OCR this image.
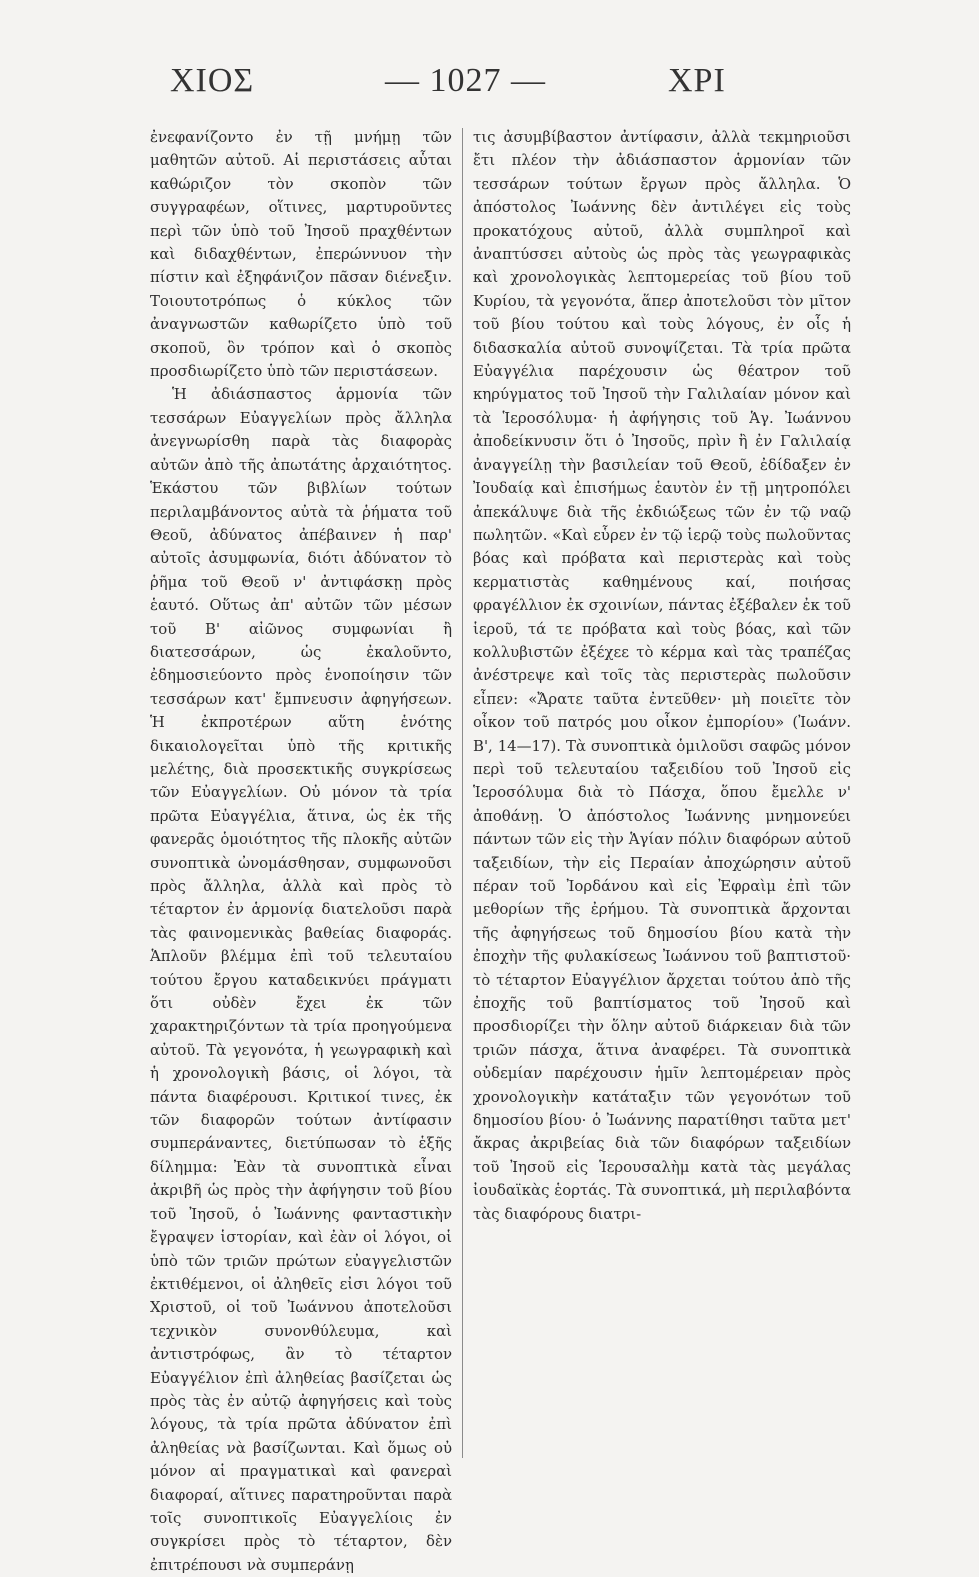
ΧΙΟΣ	— 1027 —	ΧΡΙ

ἐνεφανίζοντο ἐν τῇ μνήμῃ τῶν μαθητῶν αὐτοῦ. Αἱ περιστάσεις αὗται καθώριζον τὸν σκοπὸν τῶν συγγραφέων, οἵτινες, μαρτυροῦντες περὶ τῶν ὑπὸ τοῦ Ἰησοῦ πραχθέντων καὶ διδαχθέντων, ἐπερώννυον τὴν πίστιν καὶ ἐξηφάνιζον πᾶσαν διένεξιν. Τοιουτοτρόπως ὁ κύκλος τῶν ἀναγνωστῶν καθωρίζετο ὑπὸ τοῦ σκοποῦ, ὃν τρόπον καὶ ὁ σκοπὸς προσδιωρίζετο ὑπὸ τῶν περιστάσεων.

Ἡ ἀδιάσπαστος ἁρμονία τῶν τεσσάρων Εὐαγγελίων πρὸς ἄλληλα ἀνεγνωρίσθη παρὰ τὰς διαφορὰς αὐτῶν ἀπὸ τῆς ἀπωτάτης ἀρχαιότητος. Ἑκάστου τῶν βιβλίων τούτων περιλαμβάνοντος αὐτὰ τὰ ῥήματα τοῦ Θεοῦ, ἀδύνατος ἀπέβαινεν ἡ παρ' αὐτοῖς ἀσυμφωνία, διότι ἀδύνατον τὸ ῥῆμα τοῦ Θεοῦ ν' ἀντιφάσκῃ πρὸς ἑαυτό. Οὕτως ἀπ' αὐτῶν τῶν μέσων τοῦ Β' αἰῶνος συμφωνίαι ἢ διατεσσάρων, ὡς ἐκαλοῦντο, ἐδημοσιεύοντο πρὸς ἑνοποίησιν τῶν τεσσάρων κατ' ἔμπνευσιν ἀφηγήσεων. Ἡ ἐκπροτέρων αὕτη ἑνότης δικαιολογεῖται ὑπὸ τῆς κριτικῆς μελέτης, διὰ προσεκτικῆς συγκρίσεως τῶν Εὐαγγελίων. Οὐ μόνον τὰ τρία πρῶτα Εὐαγγέλια, ἅτινα, ὡς ἐκ τῆς φανερᾶς ὁμοιότητος τῆς πλοκῆς αὐτῶν συνοπτικὰ ὠνομάσθησαν, συμφωνοῦσι πρὸς ἄλληλα, ἀλλὰ καὶ πρὸς τὸ τέταρτον ἐν ἁρμονίᾳ διατελοῦσι παρὰ τὰς φαινομενικὰς βαθείας διαφοράς. Ἁπλοῦν βλέμμα ἐπὶ τοῦ τελευταίου τούτου ἔργου καταδεικνύει πράγματι ὅτι οὐδὲν ἔχει ἐκ τῶν χαρακτηριζόντων τὰ τρία προηγούμενα αὐτοῦ. Τὰ γεγονότα, ἡ γεωγραφικὴ καὶ ἡ χρονολογικὴ βάσις, οἱ λόγοι, τὰ πάντα διαφέρουσι. Κριτικοί τινες, ἐκ τῶν διαφορῶν τούτων ἀντίφασιν συμπεράναντες, διετύπωσαν τὸ ἑξῆς δίλημμα: Ἐὰν τὰ συνοπτικὰ εἶναι ἀκριβῆ ὡς πρὸς τὴν ἀφήγησιν τοῦ βίου τοῦ Ἰησοῦ, ὁ Ἰωάννης φανταστικὴν ἔγραψεν ἱστορίαν, καὶ ἐὰν οἱ λόγοι, οἱ ὑπὸ τῶν τριῶν πρώτων εὐαγγελιστῶν ἐκτιθέμενοι, οἱ ἀληθεῖς εἰσι λόγοι τοῦ Χριστοῦ, οἱ τοῦ Ἰωάννου ἀποτελοῦσι τεχνικὸν συνονθύλευμα, καὶ ἀντιστρόφως, ἂν τὸ τέταρτον Εὐαγγέλιον ἐπὶ ἀληθείας βασίζεται ὡς πρὸς τὰς ἐν αὐτῷ ἀφηγήσεις καὶ τοὺς λόγους, τὰ τρία πρῶτα ἀδύνατον ἐπὶ ἀληθείας νὰ βασίζωνται. Καὶ ὅμως οὐ μόνον αἱ πραγματικαὶ καὶ φανεραὶ διαφοραί, αἵτινες παρατηροῦνται παρὰ τοῖς συνοπτικοῖς Εὐαγγελίοις ἐν συγκρίσει πρὸς τὸ τέταρτον, δὲν ἐπιτρέπουσι νὰ συμπεράνῃ

τις ἀσυμβίβαστον ἀντίφασιν, ἀλλὰ τεκμηριοῦσι ἔτι πλέον τὴν ἀδιάσπαστον ἁρμονίαν τῶν τεσσάρων τούτων ἔργων πρὸς ἄλληλα. Ὁ ἀπόστολος Ἰωάννης δὲν ἀντιλέγει εἰς τοὺς προκατόχους αὐτοῦ, ἀλλὰ συμπληροῖ καὶ ἀναπτύσσει αὐτοὺς ὡς πρὸς τὰς γεωγραφικὰς καὶ χρονολογικὰς λεπτομερείας τοῦ βίου τοῦ Κυρίου, τὰ γεγονότα, ἅπερ ἀποτελοῦσι τὸν μῖτον τοῦ βίου τούτου καὶ τοὺς λόγους, ἐν οἷς ἡ διδασκαλία αὐτοῦ συνοψίζεται. Τὰ τρία πρῶτα Εὐαγγέλια παρέχουσιν ὡς θέατρον τοῦ κηρύγματος τοῦ Ἰησοῦ τὴν Γαλιλαίαν μόνον καὶ τὰ Ἱεροσόλυμα· ἡ ἀφήγησις τοῦ Ἁγ. Ἰωάννου ἀποδείκνυσιν ὅτι ὁ Ἰησοῦς, πρὶν ἢ ἐν Γαλιλαίᾳ ἀναγγείλῃ τὴν βασιλείαν τοῦ Θεοῦ, ἐδίδαξεν ἐν Ἰουδαίᾳ καὶ ἐπισήμως ἑαυτὸν ἐν τῇ μητροπόλει ἀπεκάλυψε διὰ τῆς ἐκδιώξεως τῶν ἐν τῷ ναῷ πωλητῶν. «Καὶ εὗρεν ἐν τῷ ἱερῷ τοὺς πωλοῦντας βόας καὶ πρόβατα καὶ περιστερὰς καὶ τοὺς κερματιστὰς καθημένους καί, ποιήσας φραγέλλιον ἐκ σχοινίων, πάντας ἐξέβαλεν ἐκ τοῦ ἱεροῦ, τά τε πρόβατα καὶ τοὺς βόας, καὶ τῶν κολλυβιστῶν ἐξέχεε τὸ κέρμα καὶ τὰς τραπέζας ἀνέστρεψε καὶ τοῖς τὰς περιστερὰς πωλοῦσιν εἶπεν: «Ἄρατε ταῦτα ἐντεῦθεν· μὴ ποιεῖτε τὸν οἶκον τοῦ πατρός μου οἶκον ἐμπορίου» (Ἰωάνν. Β', 14—17). Τὰ συνοπτικὰ ὁμιλοῦσι σαφῶς μόνον περὶ τοῦ τελευταίου ταξειδίου τοῦ Ἰησοῦ εἰς Ἱεροσόλυμα διὰ τὸ Πάσχα, ὅπου ἔμελλε ν' ἀποθάνῃ. Ὁ ἀπόστολος Ἰωάννης μνημονεύει πάντων τῶν εἰς τὴν Ἁγίαν πόλιν διαφόρων αὐτοῦ ταξειδίων, τὴν εἰς Περαίαν ἀποχώρησιν αὐτοῦ πέραν τοῦ Ἰορδάνου καὶ εἰς Ἐφραὶμ ἐπὶ τῶν μεθορίων τῆς ἐρήμου. Τὰ συνοπτικὰ ἄρχονται τῆς ἀφηγήσεως τοῦ δημοσίου βίου κατὰ τὴν ἐποχὴν τῆς φυλακίσεως Ἰωάννου τοῦ βαπτιστοῦ· τὸ τέταρτον Εὐαγγέλιον ἄρχεται τούτου ἀπὸ τῆς ἐποχῆς τοῦ βαπτίσματος τοῦ Ἰησοῦ καὶ προσδιορίζει τὴν ὅλην αὐτοῦ διάρκειαν διὰ τῶν τριῶν πάσχα, ἅτινα ἀναφέρει. Τὰ συνοπτικὰ οὐδεμίαν παρέχουσιν ἡμῖν λεπτομέρειαν πρὸς χρονολογικὴν κατάταξιν τῶν γεγονότων τοῦ δημοσίου βίου· ὁ Ἰωάννης παρατίθησι ταῦτα μετ' ἄκρας ἀκριβείας διὰ τῶν διαφόρων ταξειδίων τοῦ Ἰησοῦ εἰς Ἱερουσαλὴμ κατὰ τὰς μεγάλας ἰουδαϊκὰς ἑορτάς. Τὰ συνοπτικά, μὴ περιλαβόντα τὰς διαφόρους διατρι-
